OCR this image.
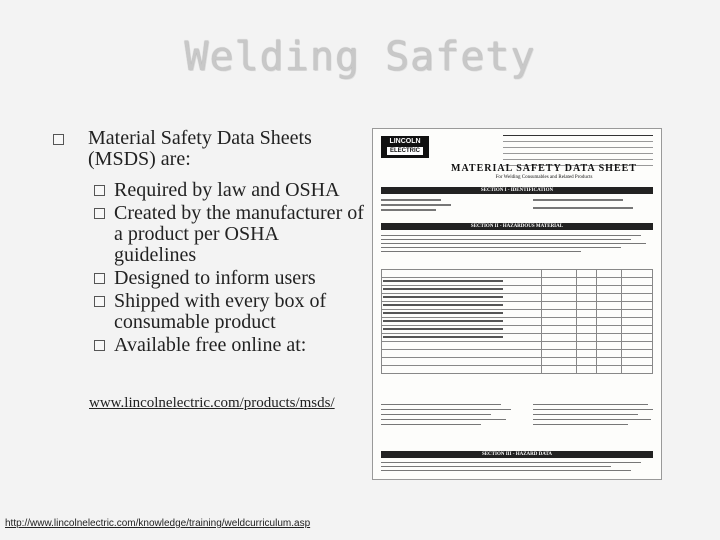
Welding Safety
Material Safety Data Sheets (MSDS) are:
Required by law and OSHA
Created by the manufacturer of a product per OSHA guidelines
Designed to inform users
Shipped with every box of consumable product
Available free online at:
www.lincolnelectric.com/products/msds/
LINCOLN
ELECTRIC
MATERIAL SAFETY DATA SHEET
For Welding Consumables and Related Products
SECTION I - IDENTIFICATION
SECTION II - HAZARDOUS MATERIAL
SECTION III - HAZARD DATA
http://www.lincolnelectric.com/knowledge/training/weldcurriculum.asp
